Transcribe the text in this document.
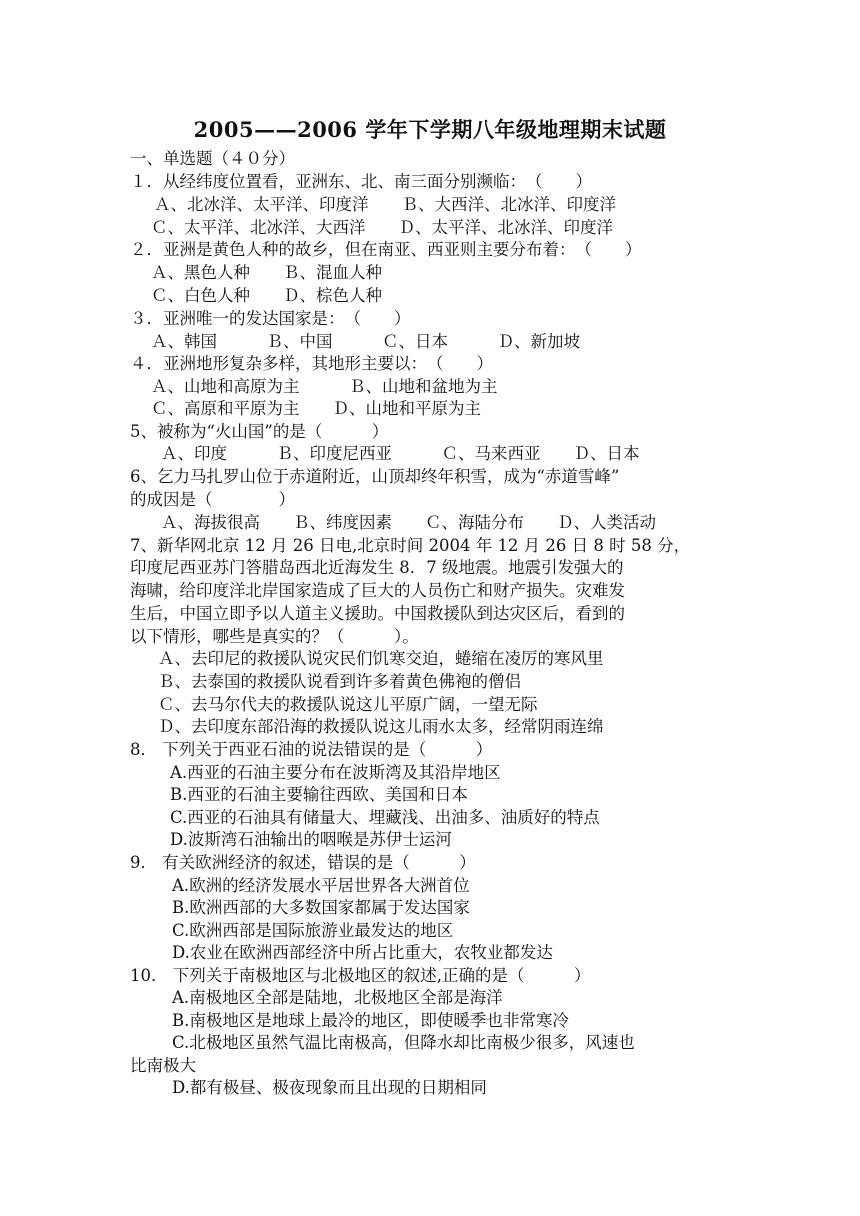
2005——2006 学年下学期八年级地理期末试题
一、单选题（４０分）
１．从经纬度位置看，亚洲东、北、南三面分别濒临：　（　　）
Ａ、北冰洋、太平洋、印度洋　　Ｂ、大西洋、北冰洋、印度洋
Ｃ、太平洋、北冰洋、大西洋　　Ｄ、太平洋、北冰洋、印度洋
２．亚洲是黄色人种的故乡，但在南亚、西亚则主要分布着：　（　　）
Ａ、黑色人种　　Ｂ、混血人种
Ｃ、白色人种　　Ｄ、棕色人种
３．亚洲唯一的发达国家是：　（　　）
Ａ、韩国　　　Ｂ、中国　　　Ｃ、日本　　　Ｄ、新加坡
４．亚洲地形复杂多样，其地形主要以：　（　　）
Ａ、山地和高原为主　　　Ｂ、山地和盆地为主
Ｃ、高原和平原为主　　Ｄ、山地和平原为主
5、被称为“火山国”的是（　　　）
Ａ、印度　　　Ｂ、印度尼西亚　　　Ｃ、马来西亚　　Ｄ、日本
6、乞力马扎罗山位于赤道附近，山顶却终年积雪，成为“赤道雪峰”
的成因是（　　　　）
Ａ、海拔很高　　Ｂ、纬度因素　　Ｃ、海陆分布　　Ｄ、人类活动
7、新华网北京 12 月 26 日电,北京时间 2004 年 12 月 26 日 8 时 58 分，
印度尼西亚苏门答腊岛西北近海发生 8．7 级地震。地震引发强大的
海啸，给印度洋北岸国家造成了巨大的人员伤亡和财产损失。灾难发
生后，中国立即予以人道主义援助。中国救援队到达灾区后，看到的
以下情形，哪些是真实的？（　　　）。
Ａ、去印尼的救援队说灾民们饥寒交迫，蜷缩在凌厉的寒风里
Ｂ、去泰国的救援队说看到许多着黄色佛袍的僧侣
Ｃ、去马尔代夫的救援队说这儿平原广阔，一望无际
Ｄ、去印度东部沿海的救援队说这儿雨水太多，经常阴雨连绵
8． 下列关于西亚石油的说法错误的是（　　　）
A.西亚的石油主要分布在波斯湾及其沿岸地区
B.西亚的石油主要输往西欧、美国和日本
C.西亚的石油具有储量大、埋藏浅、出油多、油质好的特点
D.波斯湾石油输出的咽喉是苏伊士运河
9． 有关欧洲经济的叙述，错误的是（　　　）
A.欧洲的经济发展水平居世界各大洲首位
B.欧洲西部的大多数国家都属于发达国家
C.欧洲西部是国际旅游业最发达的地区
D.农业在欧洲西部经济中所占比重大，农牧业都发达
10． 下列关于南极地区与北极地区的叙述,正确的是（　　　）
A.南极地区全部是陆地，北极地区全部是海洋
B.南极地区是地球上最冷的地区，即使暖季也非常寒冷
C.北极地区虽然气温比南极高，但降水却比南极少很多，风速也
比南极大
D.都有极昼、极夜现象而且出现的日期相同
